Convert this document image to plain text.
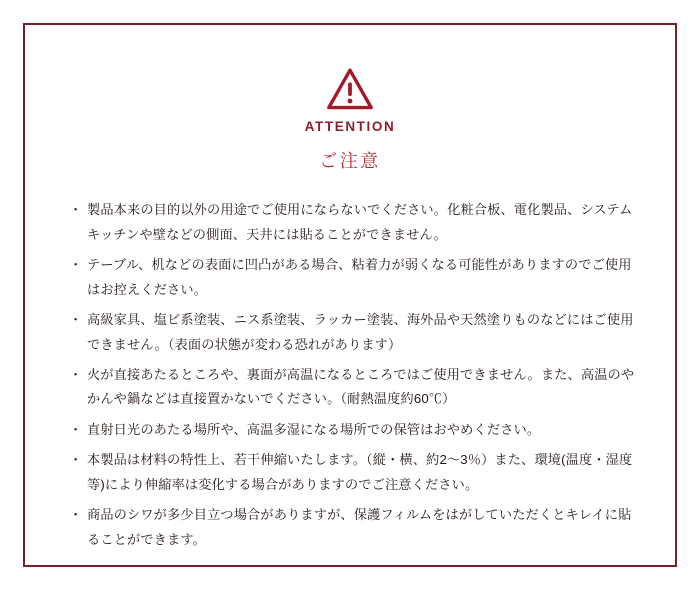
ATTENTION
ご注意
・ 製品本来の目的以外の用途でご使用にならないでください。化粧合板、電化製品、システムキッチンや壁などの側面、天井には貼ることができません。
・ テーブル、机などの表面に凹凸がある場合、粘着力が弱くなる可能性がありますのでご使用はお控えください。
・ 高級家具、塩ビ系塗装、ニス系塗装、ラッカー塗装、海外品や天然塗りものなどにはご使用できません。（表面の状態が変わる恐れがあります）
・ 火が直接あたるところや、裏面が高温になるところではご使用できません。また、高温のやかんや鍋などは直接置かないでください。（耐熱温度約60℃）
・ 直射日光のあたる場所や、高温多湿になる場所での保管はおやめください。
・ 本製品は材料の特性上、若干伸縮いたします。（縦・横、約2～3％）また、環境(温度・湿度等)により伸縮率は変化する場合がありますのでご注意ください。
・ 商品のシワが多少目立つ場合がありますが、保護フィルムをはがしていただくとキレイに貼ることができます。
